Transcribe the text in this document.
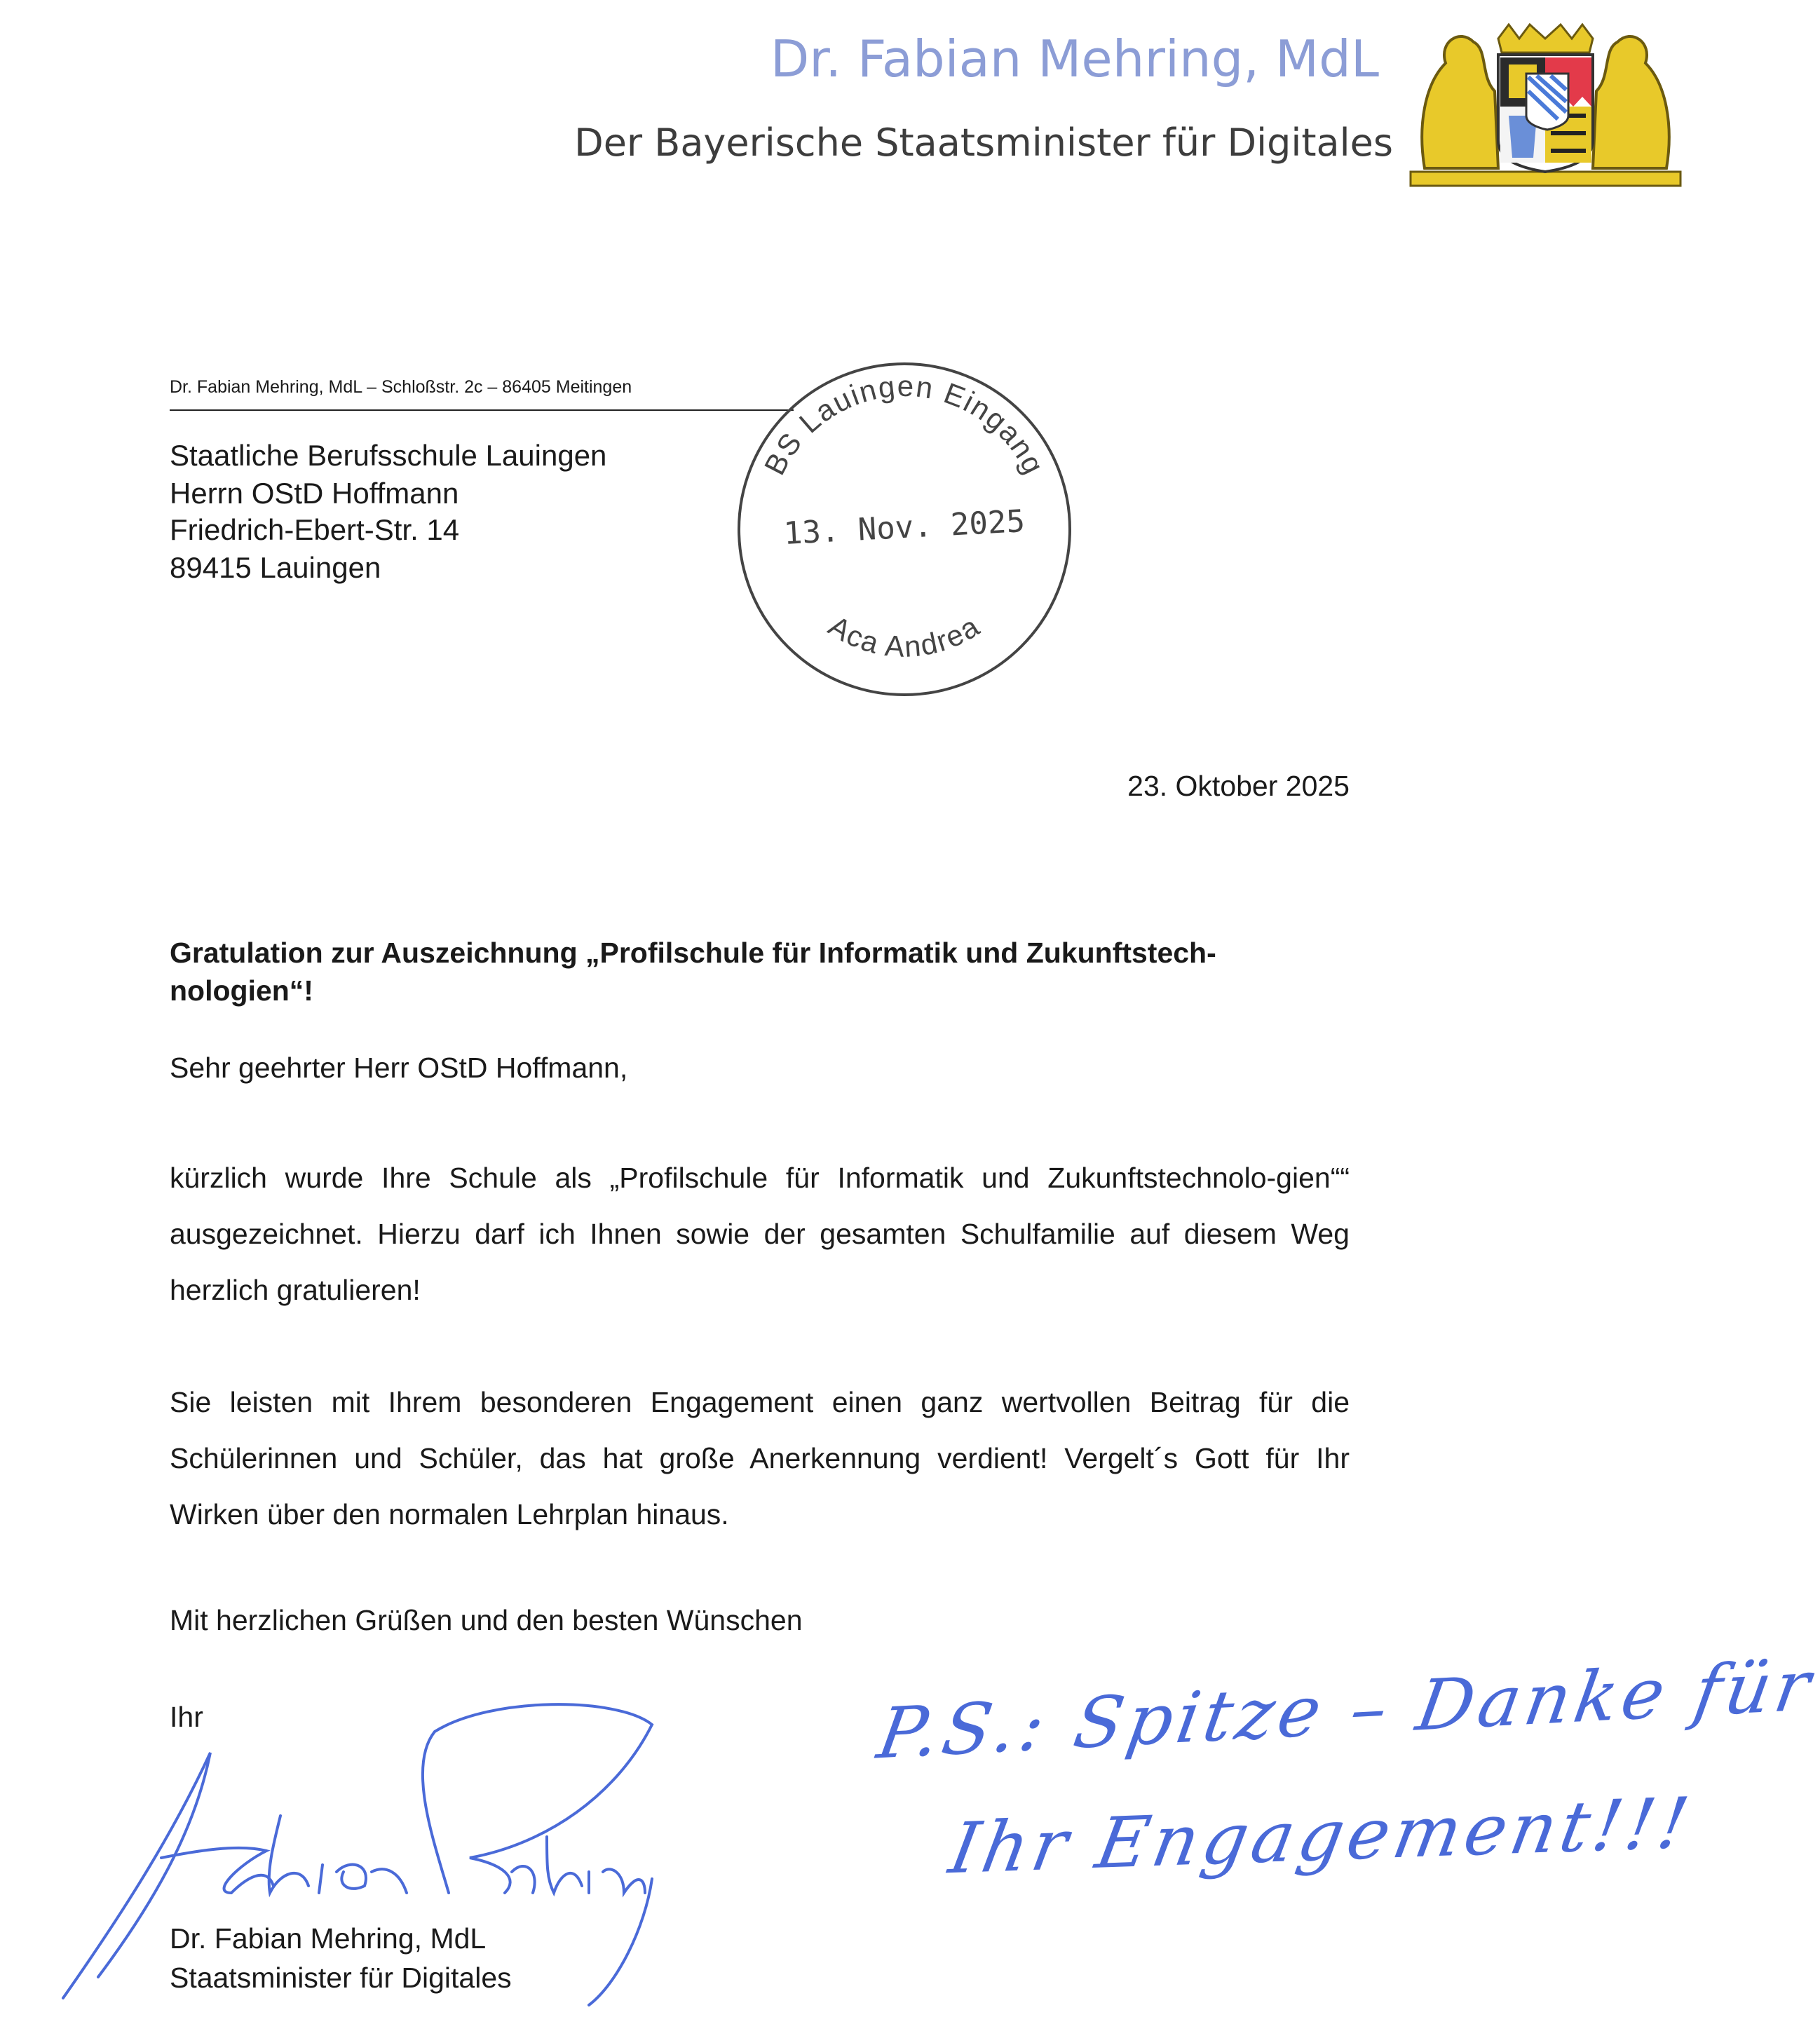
Dr. Fabian Mehring, MdL
Der Bayerische Staatsminister für Digitales
Dr. Fabian Mehring, MdL – Schloßstr. 2c – 86405 Meitingen
Staatliche Berufsschule Lauingen
Herrn OStD Hoffmann
Friedrich-Ebert-Str. 14
89415 Lauingen
BS Lauingen Eingang
13. Nov. 2025
Aca Andrea
23. Oktober 2025
Gratulation zur Auszeichnung „Profilschule für Informatik und Zukunftstech-nologien“!
Sehr geehrter Herr OStD Hoffmann,
kürzlich wurde Ihre Schule als „Profilschule für Informatik und Zukunftstechnolo-gien““ ausgezeichnet. Hierzu darf ich Ihnen sowie der gesamten Schulfamilie auf diesem Weg herzlich gratulieren!
Sie leisten mit Ihrem besonderen Engagement einen ganz wertvollen Beitrag für die Schülerinnen und Schüler, das hat große Anerkennung verdient! Vergelt´s Gott für Ihr Wirken über den normalen Lehrplan hinaus.
Mit herzlichen Grüßen und den besten Wünschen
Ihr
Dr. Fabian Mehring, MdL
Staatsminister für Digitales
P.S.: Spitze – Danke für
Ihr Engagement!!!
